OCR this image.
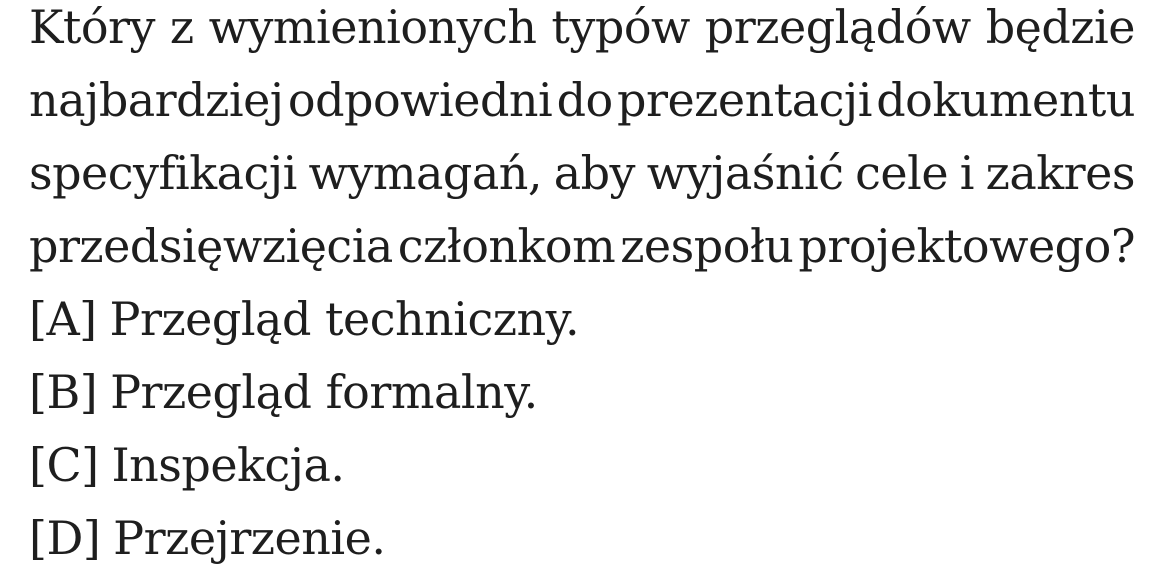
Który z wymienionych typów przeglądów będzie
najbardziej odpowiedni do prezentacji dokumentu
specyfikacji wymagań, aby wyjaśnić cele i zakres
przedsięwzięcia członkom zespołu projektowego?
[A] Przegląd techniczny.
[B] Przegląd formalny.
[C] Inspekcja.
[D] Przejrzenie.
